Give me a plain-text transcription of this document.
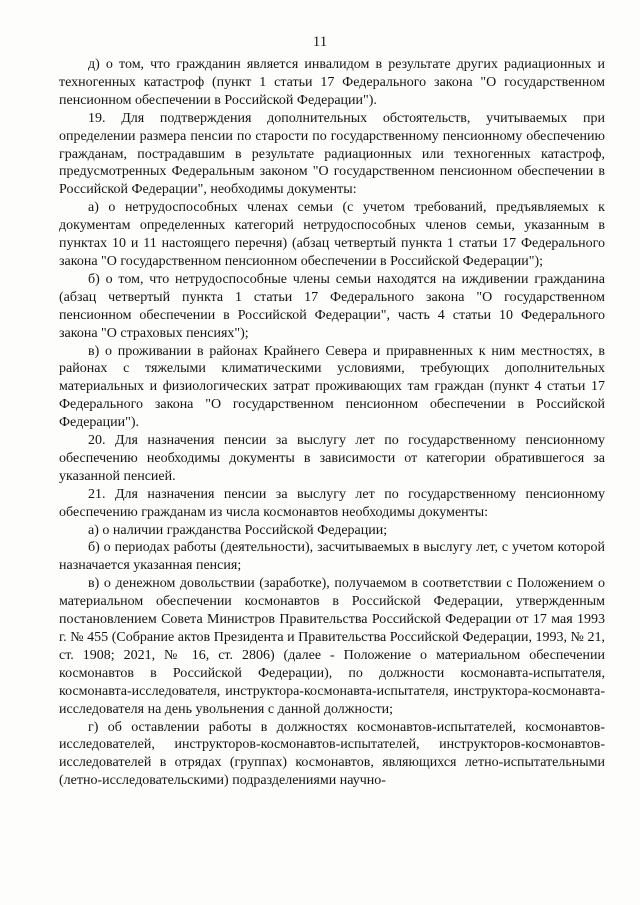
11

д) о том, что гражданин является инвалидом в результате других радиационных и техногенных катастроф (пункт 1 статьи 17 Федерального закона "О государственном пенсионном обеспечении в Российской Федерации").

19. Для подтверждения дополнительных обстоятельств, учитываемых при определении размера пенсии по старости по государственному пенсионному обеспечению гражданам, пострадавшим в результате радиационных или техногенных катастроф, предусмотренных Федеральным законом "О государственном пенсионном обеспечении в Российской Федерации", необходимы документы:

а) о нетрудоспособных членах семьи (с учетом требований, предъявляемых к документам определенных категорий нетрудоспособных членов семьи, указанным в пунктах 10 и 11 настоящего перечня) (абзац четвертый пункта 1 статьи 17 Федерального закона "О государственном пенсионном обеспечении в Российской Федерации");

б) о том, что нетрудоспособные члены семьи находятся на иждивении гражданина (абзац четвертый пункта 1 статьи 17 Федерального закона "О государственном пенсионном обеспечении в Российской Федерации", часть 4 статьи 10 Федерального закона "О страховых пенсиях");

в) о проживании в районах Крайнего Севера и приравненных к ним местностях, в районах с тяжелыми климатическими условиями, требующих дополнительных материальных и физиологических затрат проживающих там граждан (пункт 4 статьи 17 Федерального закона "О государственном пенсионном обеспечении в Российской Федерации").

20. Для назначения пенсии за выслугу лет по государственному пенсионному обеспечению необходимы документы в зависимости от категории обратившегося за указанной пенсией.

21. Для назначения пенсии за выслугу лет по государственному пенсионному обеспечению гражданам из числа космонавтов необходимы документы:

а) о наличии гражданства Российской Федерации;

б) о периодах работы (деятельности), засчитываемых в выслугу лет, с учетом которой назначается указанная пенсия;

в) о денежном довольствии (заработке), получаемом в соответствии с Положением о материальном обеспечении космонавтов в Российской Федерации, утвержденным постановлением Совета Министров Правительства Российской Федерации от 17 мая 1993 г. № 455 (Собрание актов Президента и Правительства Российской Федерации, 1993, № 21, ст. 1908; 2021, № 16, ст. 2806) (далее - Положение о материальном обеспечении космонавтов в Российской Федерации), по должности космонавта-испытателя, космонавта-исследователя, инструктора-космонавта-испытателя, инструктора-космонавта-исследователя на день увольнения с данной должности;

г) об оставлении работы в должностях космонавтов-испытателей, космонавтов-исследователей, инструкторов-космонавтов-испытателей, инструкторов-космонавтов-исследователей в отрядах (группах) космонавтов, являющихся летно-испытательными (летно-исследовательскими) подразделениями научно-
